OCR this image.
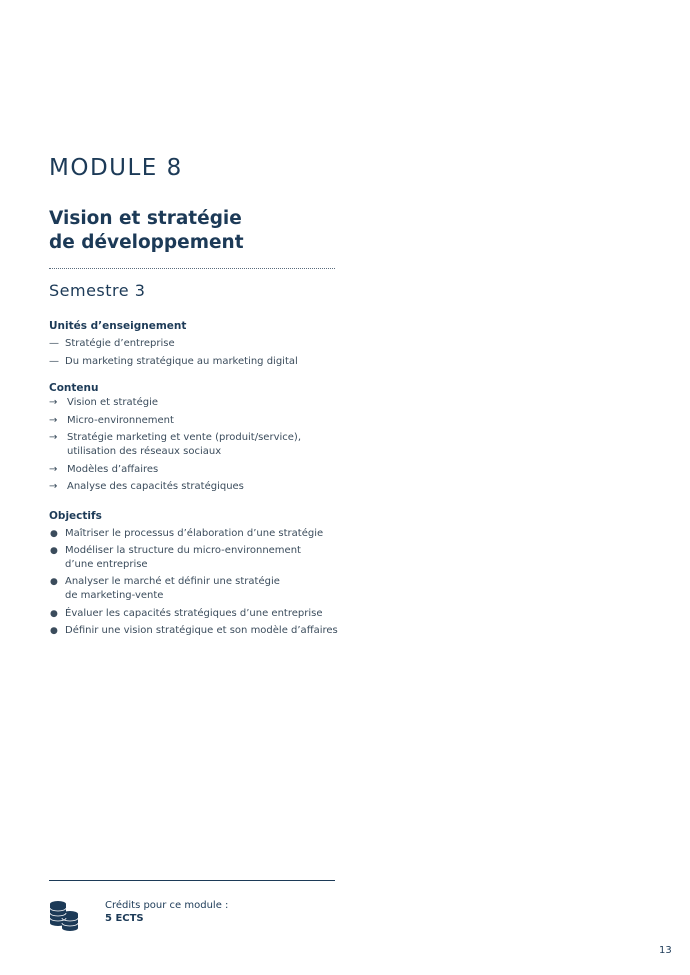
MODULE 8
Vision et stratégie
de développement
Semestre 3
Unités d’enseignement
— Stratégie d’entreprise
— Du marketing stratégique au marketing digital
Contenu
→ Vision et stratégie
→ Micro-environnement
→ Stratégie marketing et vente (produit/service),
utilisation des réseaux sociaux
→ Modèles d’affaires
→ Analyse des capacités stratégiques
Objectifs
● Maîtriser le processus d’élaboration d’une stratégie
● Modéliser la structure du micro-environnement
d’une entreprise
● Analyser le marché et définir une stratégie
de marketing-vente
● Évaluer les capacités stratégiques d’une entreprise
● Définir une vision stratégique et son modèle d’affaires
Crédits pour ce module :
5 ECTS
13
